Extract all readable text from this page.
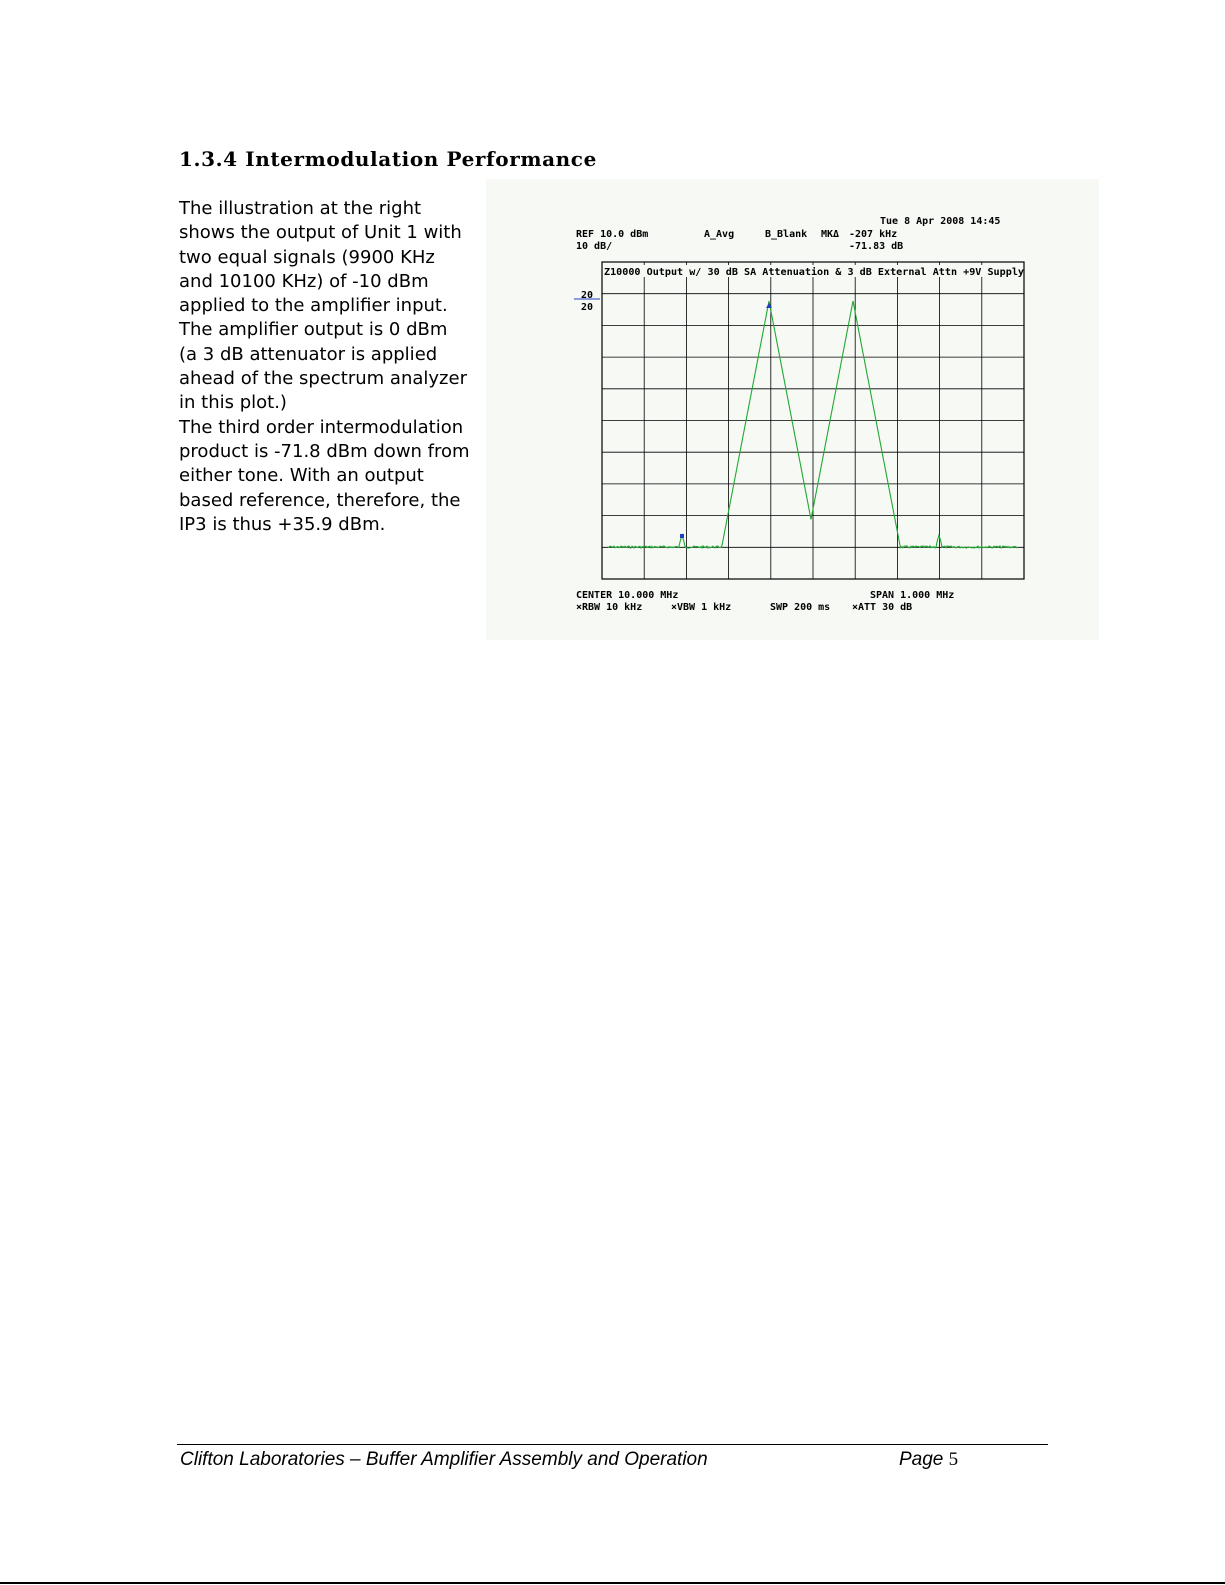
1.3.4 Intermodulation Performance

The illustration at the right shows the output of Unit 1 with two equal signals (9900 KHz and 10100 KHz) of -10 dBm applied to the amplifier input. The amplifier output is 0 dBm (a 3 dB attenuator is applied ahead of the spectrum analyzer in this plot.)

The third order intermodulation product is -71.8 dBm down from either tone. With an output based reference, therefore, the IP3 is thus +35.9 dBm.

Tue 8 Apr 2008 14:45
REF 10.0 dBm
10 dB/
A_Avg	B_Blank MKΔ -207 kHz
-71.83 dB
Z10000 Output w/ 30 dB SA Attenuation & 3 dB External Attn +9V Supply
20
20
CENTER 10.000 MHz	SPAN 1.000 MHz
×RBW 10 kHz	×VBW 1 kHz	SWP 200 ms ×ATT 30 dB
Clifton Laboratories – Buffer Amplifier Assembly and Operation	Page 5
